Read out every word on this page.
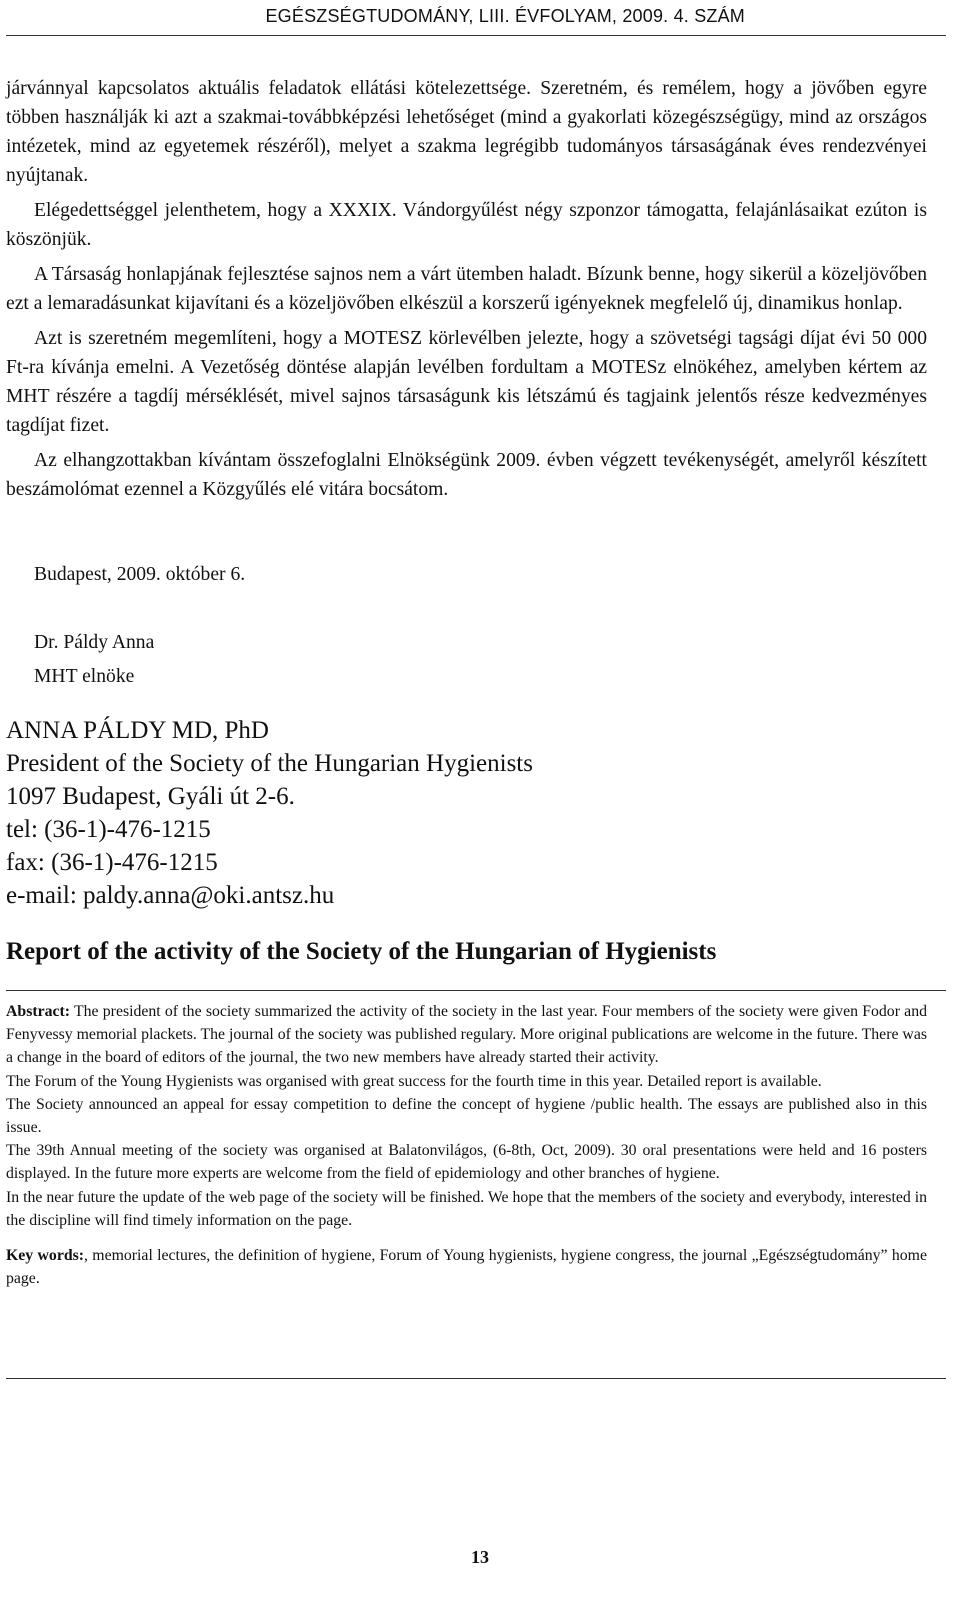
EGÉSZSÉGTUDOMÁNY, LIII. ÉVFOLYAM, 2009. 4. SZÁM

járvánnyal kapcsolatos aktuális feladatok ellátási kötelezettsége. Szeretném, és remélem, hogy a jövőben egyre többen használják ki azt a szakmai-továbbképzési lehetőséget (mind a gyakorlati közegészségügy, mind az országos intézetek, mind az egyetemek részéről), melyet a szakma legrégibb tudományos társaságának éves rendezvényei nyújtanak.

Elégedettséggel jelenthetem, hogy a XXXIX. Vándorgyűlést négy szponzor támogatta, felajánlásaikat ezúton is köszönjük.

A Társaság honlapjának fejlesztése sajnos nem a várt ütemben haladt. Bízunk benne, hogy sikerül a közeljövőben ezt a lemaradásunkat kijavítani és a közeljövőben elkészül a korszerű igényeknek megfelelő új, dinamikus honlap.

Azt is szeretném megemlíteni, hogy a MOTESZ körlevélben jelezte, hogy a szövetségi tagsági díjat évi 50 000 Ft-ra kívánja emelni. A Vezetőség döntése alapján levélben fordultam a MOTESz elnökéhez, amelyben kértem az MHT részére a tagdíj mérséklését, mivel sajnos társaságunk kis létszámú és tagjaink jelentős része kedvezményes tagdíjat fizet.

Az elhangzottakban kívántam összefoglalni Elnökségünk 2009. évben végzett tevékenységét, amelyről készített beszámolómat ezennel a Közgyűlés elé vitára bocsátom.

Budapest, 2009. október 6.
Dr. Páldy Anna
MHT elnöke
ANNA PÁLDY MD, PhD
President of the Society of the Hungarian Hygienists
1097 Budapest, Gyáli út 2-6.
tel: (36-1)-476-1215
fax: (36-1)-476-1215
e-mail: paldy.anna@oki.antsz.hu
Report of the activity of the Society of the Hungarian of Hygienists

Abstract: The president of the society summarized the activity of the society in the last year. Four members of the society were given Fodor and Fenyvessy memorial plackets. The journal of the society was published regulary. More original publications are welcome in the future. There was a change in the board of editors of the journal, the two new members have already started their activity.

The Forum of the Young Hygienists was organised with great success for the fourth time in this year. Detailed report is available.

The Society announced an appeal for essay competition to define the concept of hygiene /public health. The essays are published also in this issue.

The 39th Annual meeting of the society was organised at Balatonvilágos, (6-8th, Oct, 2009). 30 oral presentations were held and 16 posters displayed. In the future more experts are welcome from the field of epidemiology and other branches of hygiene.

In the near future the update of the web page of the society will be finished. We hope that the members of the society and everybody, interested in the discipline will find timely information on the page.

Key words:, memorial lectures, the definition of hygiene, Forum of Young hygienists, hygiene congress, the journal „Egészségtudomány” home page.

13
